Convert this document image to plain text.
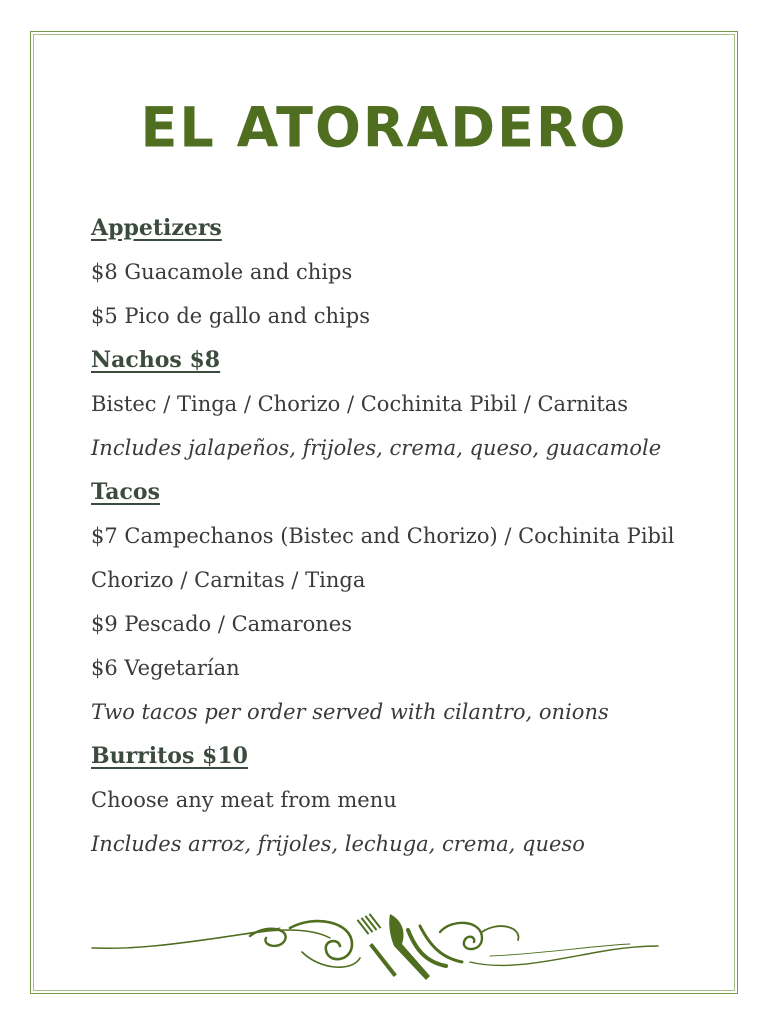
EL ATORADERO
Appetizers
$8 Guacamole and chips
$5 Pico de gallo and chips
Nachos $8
Bistec / Tinga / Chorizo / Cochinita Pibil / Carnitas
Includes jalapeños, frijoles, crema, queso, guacamole
Tacos
$7 Campechanos (Bistec and Chorizo) / Cochinita Pibil
Chorizo / Carnitas / Tinga
$9 Pescado / Camarones
$6 Vegetarían
Two tacos per order served with cilantro, onions
Burritos $10
Choose any meat from menu
Includes arroz, frijoles, lechuga, crema, queso
